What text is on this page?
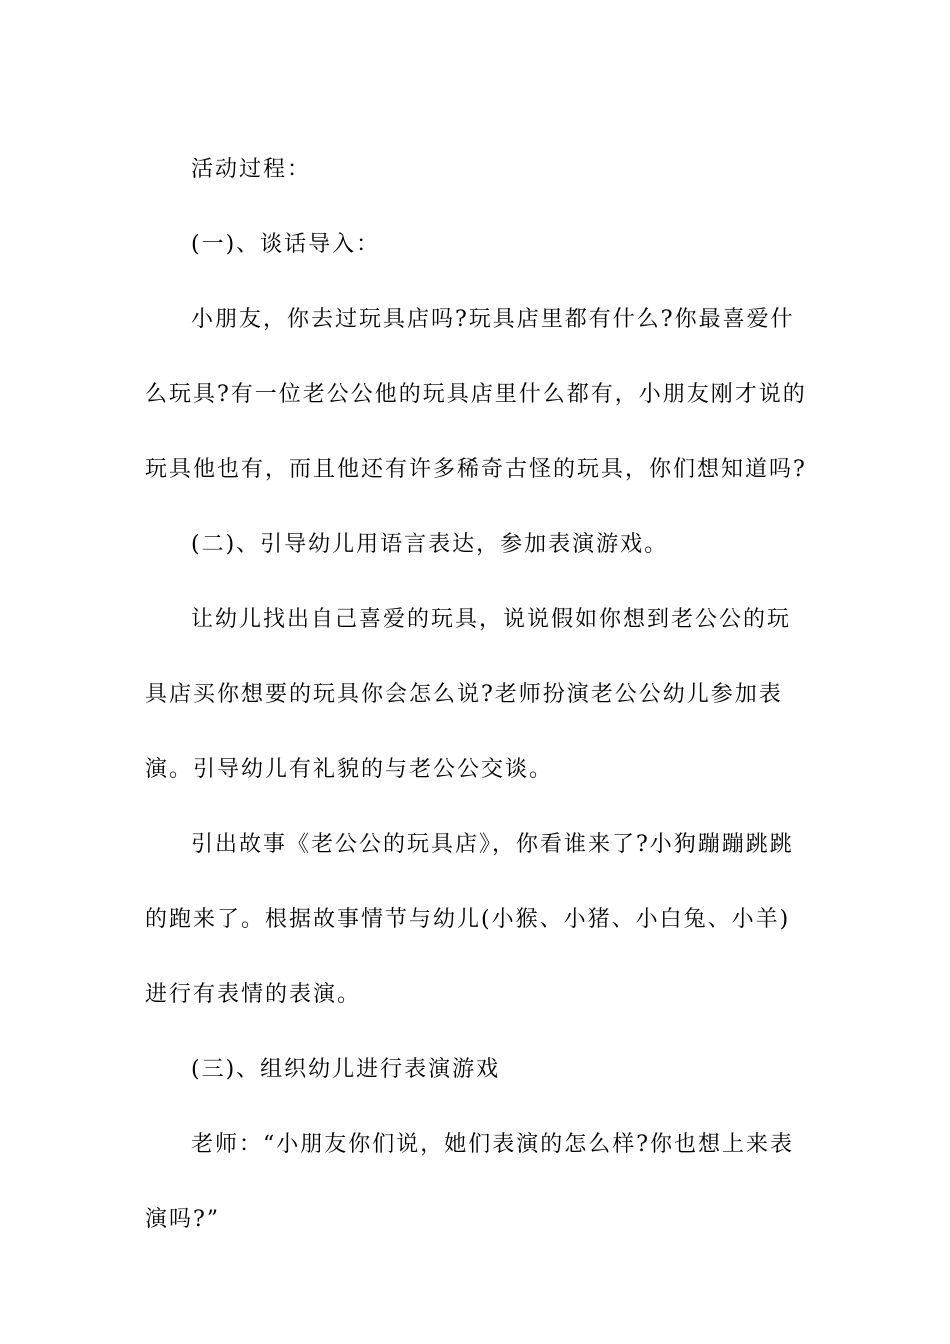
活动过程：

(一)、谈话导入：

小朋友，你去过玩具店吗?玩具店里都有什么?你最喜爱什么玩具?有一位老公公他的玩具店里什么都有，小朋友刚才说的玩具他也有，而且他还有许多稀奇古怪的玩具，你们想知道吗?

(二)、引导幼儿用语言表达，参加表演游戏。

让幼儿找出自己喜爱的玩具，说说假如你想到老公公的玩具店买你想要的玩具你会怎么说?老师扮演老公公幼儿参加表演。引导幼儿有礼貌的与老公公交谈。

引出故事《老公公的玩具店》，你看谁来了?小狗蹦蹦跳跳的跑来了。根据故事情节与幼儿(小猴、小猪、小白兔、小羊)进行有表情的表演。

(三)、组织幼儿进行表演游戏

老师：“小朋友你们说，她们表演的怎么样?你也想上来表演吗?”
